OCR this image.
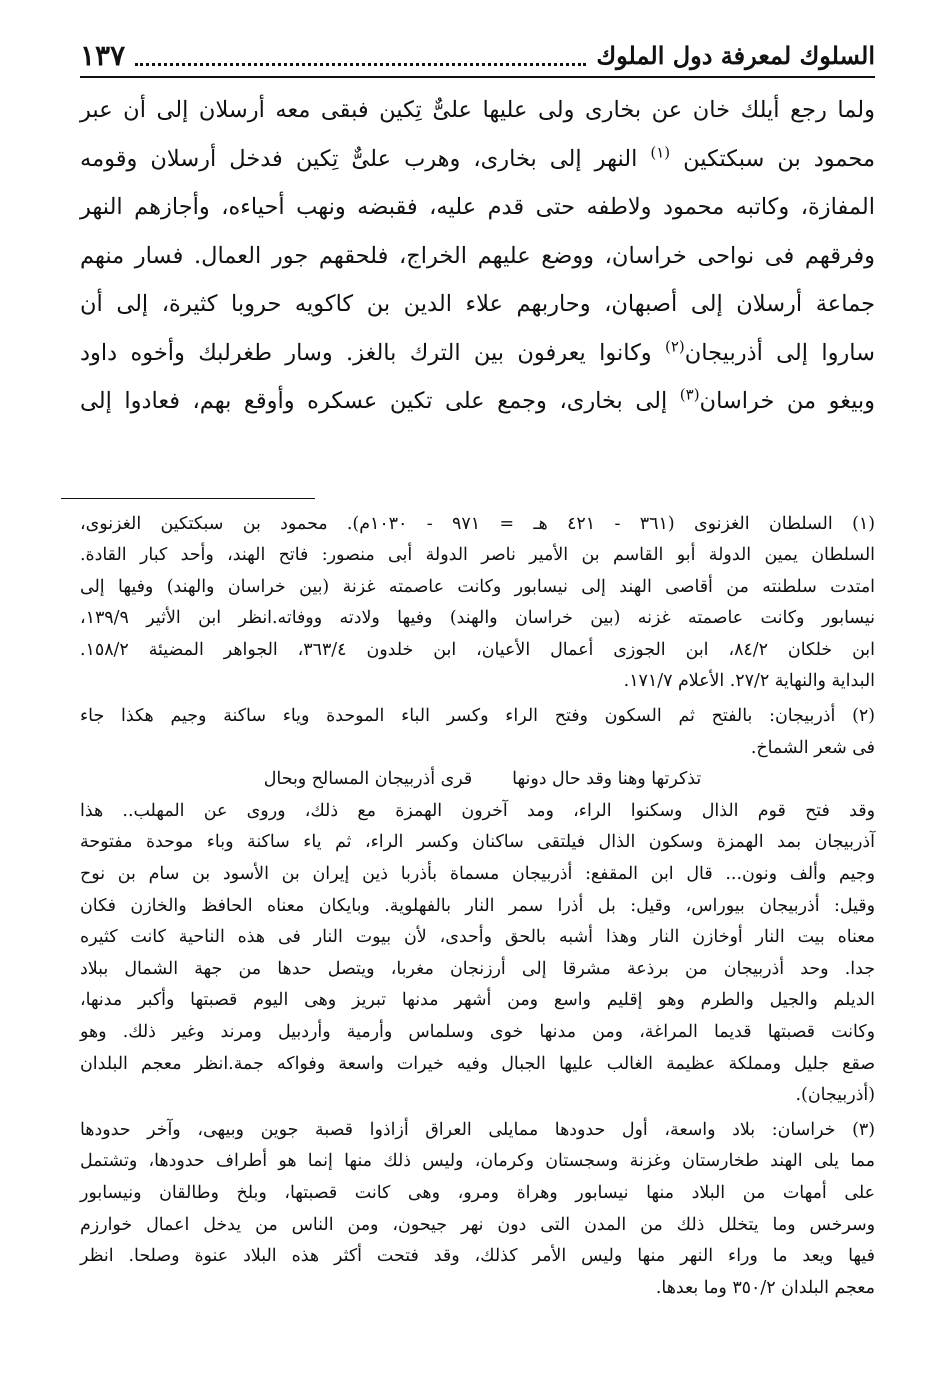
السلوك لمعرفة دول الملوك
١٣٧

ولما رجع أيلك خان عن بخارى ولى عليها علىٌّ تِكين فبقى معه أرسلان إلى أن عبر

محمود بن سبكتكين $^{(١)}$ النهر إلى بخارى، وهرب علىٌّ تِكين فدخل أرسلان وقومه

المفازة، وكاتبه محمود ولاطفه حتى قدم عليه، فقبضه ونهب أحياءه، وأجازهم النهر

وفرقهم فى نواحى خراسان، ووضع عليهم الخراج، فلحقهم جور العمال. فسار منهم

جماعة أرسلان إلى أصبهان، وحاربهم علاء الدين بن كاكويه حروبا كثيرة، إلى أن

ساروا إلى أذربيجان$^{(٢)}$ وكانوا يعرفون بين الترك بالغز. وسار طغرلبك وأخوه داود

وبيغو من خراسان$^{(٣)}$ إلى بخارى، وجمع على تكين عسكره وأوقع بهم، فعادوا إلى

(١) السلطان الغزنوى (٣٦١ - ٤٢١ هـ = ٩٧١ - ١٠٣٠م). محمود بن سبكتكين الغزنوى،

السلطان يمين الدولة أبو القاسم بن الأمير ناصر الدولة أبى منصور: فاتح الهند، وأحد كبار القادة.

امتدت سلطنته من أقاصى الهند إلى نيسابور وكانت عاصمته غزنة (بين خراسان والهند) وفيها إلى

نيسابور وكانت عاصمته غزنه (بين خراسان والهند) وفيها ولادته ووفاته.انظر ابن الأثير ١٣٩/٩،

ابن خلكان ٨٤/٢، ابن الجوزى أعمال الأعيان، ابن خلدون ٣٦٣/٤، الجواهر المضيئة ١٥٨/٢.

البداية والنهاية ٢٧/٢. الأعلام ١٧١/٧.

(٢) أذربيجان: بالفتح ثم السكون وفتح الراء وكسر الباء الموحدة وياء ساكنة وجيم هكذا جاء

فى شعر الشماخ.

تذكرتها وهنا وقد حال دونها
قرى أذربيجان المسالح وبحال

وقد فتح قوم الذال وسكنوا الراء، ومد آخرون الهمزة مع ذلك، وروى عن المهلب.. هذا

آذربيجان بمد الهمزة وسكون الذال فيلتقى ساكنان وكسر الراء، ثم ياء ساكنة وباء موحدة مفتوحة

وجيم وألف ونون... قال ابن المقفع: أذربيجان مسماة بأذربا ذين إيران بن الأسود بن سام بن نوح

وقيل: أذربيجان بيوراس، وقيل: بل أذرا سمر النار بالفهلوية. وبايكان معناه الحافظ والخازن فكان

معناه بيت النار أوخازن النار وهذا أشبه بالحق وأحدى، لأن بيوت النار فى هذه الناحية كانت كثيره

جدا. وحد أذربيجان من برذعة مشرقا إلى أرزنجان مغربا، ويتصل حدها من جهة الشمال ببلاد

الديلم والجيل والطرم وهو إقليم واسع ومن أشهر مدنها تبريز وهى اليوم قصبتها وأكبر مدنها،

وكانت قصبتها قديما المراغة، ومن مدنها خوى وسلماس وأرمية وأردبيل ومرند وغير ذلك. وهو

صقع جليل ومملكة عظيمة الغالب عليها الجبال وفيه خيرات واسعة وفواكه جمة.انظر معجم البلدان

(أذربيجان).

(٣) خراسان: بلاد واسعة، أول حدودها ممايلى العراق أزاذوا قصبة جوين وبيهى، وآخر حدودها

مما يلى الهند طخارستان وغزنة وسجستان وكرمان، وليس ذلك منها إنما هو أطراف حدودها، وتشتمل

على أمهات من البلاد منها نيسابور وهراة ومرو، وهى كانت قصبتها، وبلخ وطالقان ونيسابور

وسرخس وما يتخلل ذلك من المدن التى دون نهر جيحون، ومن الناس من يدخل اعمال خوارزم

فيها ويعد ما وراء النهر منها وليس الأمر كذلك، وقد فتحت أكثر هذه البلاد عنوة وصلحا. انظر

معجم البلدان ٣٥٠/٢ وما بعدها.
